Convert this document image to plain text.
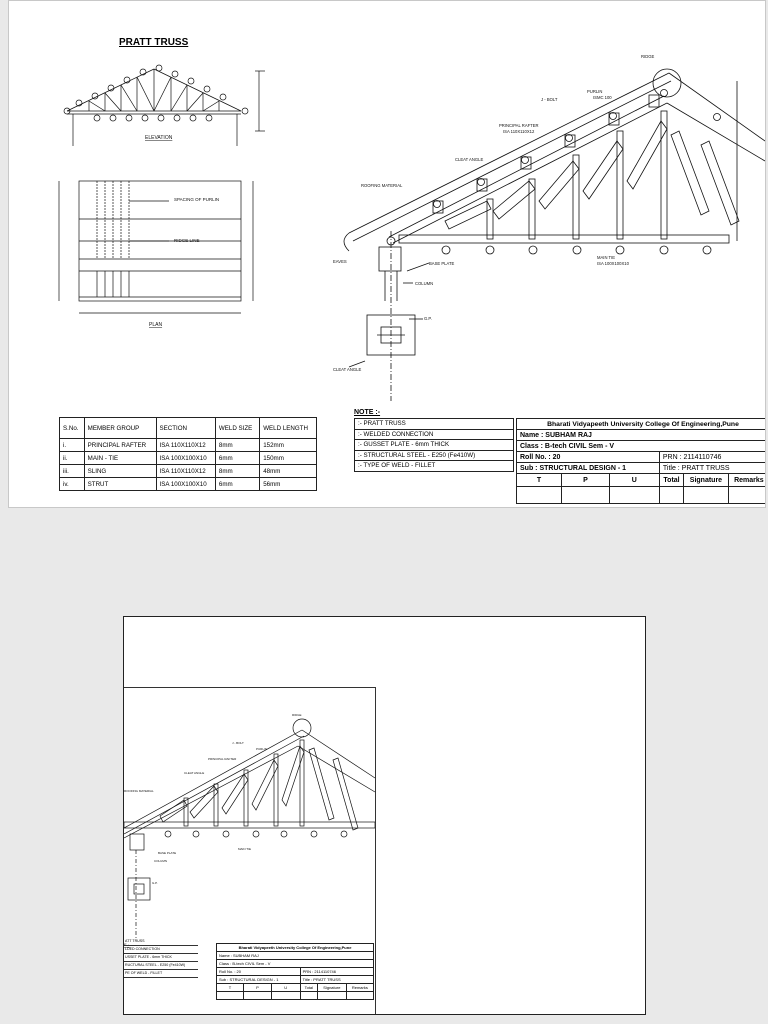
PRATT TRUSS
ELEVATION
SPACING OF PURLIN
RIDGE LINE
PLAN
RIDGE
PURLIN
ISMC 100
J - BOLT
PRINCIPAL RAFTER
ISA 110X110X12
CLEAT ANGLE
ROOFING MATERIAL
EAVES	BASE PLATE
COLUMN
MAIN TIE
ISA 100X100X10
G.P.
CLEAT ANGLE
S.No.	MEMBER GROUP	SECTION	WELD SIZE	WELD LENGTH
i.	PRINCIPAL RAFTER	ISA 110X110X12	8mm	152mm
ii.	MAIN - TIE	ISA 100X100X10	6mm	150mm
iii.	SLING	ISA 110X110X12	8mm	48mm
iv.	STRUT	ISA 100X100X10	6mm	56mm
NOTE :-
:- PRATT TRUSS
:- WELDED CONNECTION
:- GUSSET PLATE - 6mm THICK
:- STRUCTURAL STEEL - E250 (Fe410W)
:- TYPE OF WELD - FILLET
Bharati Vidyapeeth University College Of Engineering,Pune					
Name : SUBHAM RAJ					
Class : B-tech CIVIL Sem - V					
Roll No. : 20			PRN : 2114110746		
Sub : STRUCTURAL DESIGN - 1			Title : PRATT TRUSS		
T	P	U	Total	Signature	Remarks

RIDGE
PURLIN
J - BOLT
PRINCIPAL RAFTER
CLEAT ANGLE
ROOFING MATERIAL
BASE PLATE
COLUMN
MAIN TIE
G.P.
E :-
ATT TRUSS
LDED CONNECTION
USSET PLATE - 6mm THICK
RUCTURAL STEEL - E250 (Fe410W)
PE OF WELD - FILLET
Bharati Vidyapeeth University College Of Engineering,Pune					
Name : SUBHAM RAJ					
Class : B-tech CIVIL Sem - V					
Roll No. : 20			PRN : 2114110746		
Sub : STRUCTURAL DESIGN - 1			Title : PRATT TRUSS		
T	P	U	Total	Signature	Remarks
